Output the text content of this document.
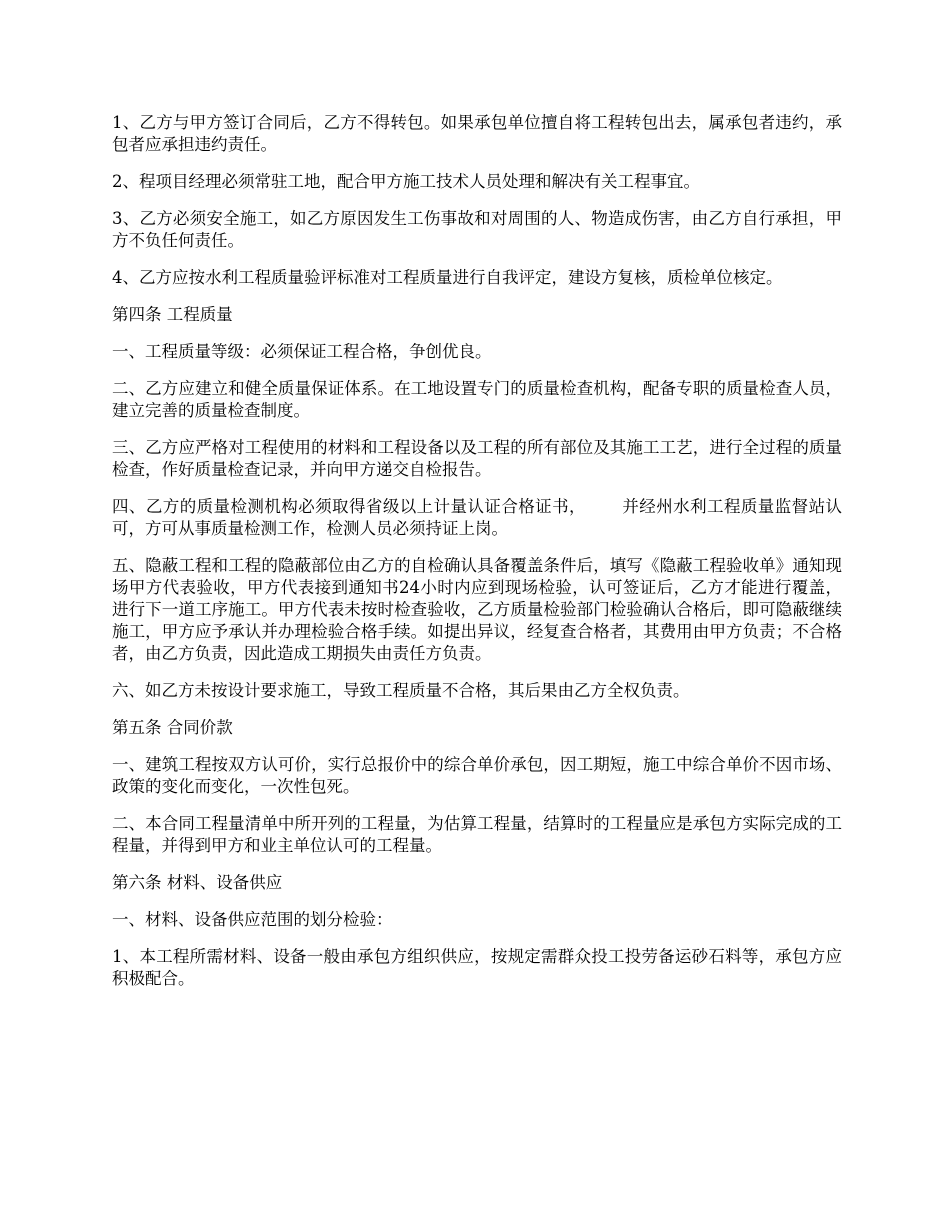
1、乙方与甲方签订合同后，乙方不得转包。如果承包单位擅自将工程转包出去，属承包者违约，承包者应承担违约责任。

2、程项目经理必须常驻工地，配合甲方施工技术人员处理和解决有关工程事宜。

3、乙方必须安全施工，如乙方原因发生工伤事故和对周围的人、物造成伤害，由乙方自行承担，甲方不负任何责任。

4、乙方应按水利工程质量验评标准对工程质量进行自我评定，建设方复核，质检单位核定。

第四条 工程质量

一、工程质量等级：必须保证工程合格，争创优良。

二、乙方应建立和健全质量保证体系。在工地设置专门的质量检查机构，配备专职的质量检查人员，建立完善的质量检查制度。

三、乙方应严格对工程使用的材料和工程设备以及工程的所有部位及其施工工艺，进行全过程的质量检查，作好质量检查记录，并向甲方递交自检报告。

四、乙方的质量检测机构必须取得省级以上计量认证合格证书， 并经州水利工程质量监督站认可，方可从事质量检测工作，检测人员必须持证上岗。

五、隐蔽工程和工程的隐蔽部位由乙方的自检确认具备覆盖条件后，填写《隐蔽工程验收单》通知现场甲方代表验收，甲方代表接到通知书24小时内应到现场检验，认可签证后，乙方才能进行覆盖，进行下一道工序施工。甲方代表未按时检查验收，乙方质量检验部门检验确认合格后，即可隐蔽继续施工，甲方应予承认并办理检验合格手续。如提出异议，经复查合格者，其费用由甲方负责；不合格者，由乙方负责，因此造成工期损失由责任方负责。

六、如乙方未按设计要求施工，导致工程质量不合格，其后果由乙方全权负责。

第五条 合同价款

一、建筑工程按双方认可价，实行总报价中的综合单价承包，因工期短，施工中综合单价不因市场、政策的变化而变化，一次性包死。

二、本合同工程量清单中所开列的工程量，为估算工程量，结算时的工程量应是承包方实际完成的工程量，并得到甲方和业主单位认可的工程量。

第六条 材料、设备供应

一、材料、设备供应范围的划分检验：

1、本工程所需材料、设备一般由承包方组织供应，按规定需群众投工投劳备运砂石料等，承包方应积极配合。
